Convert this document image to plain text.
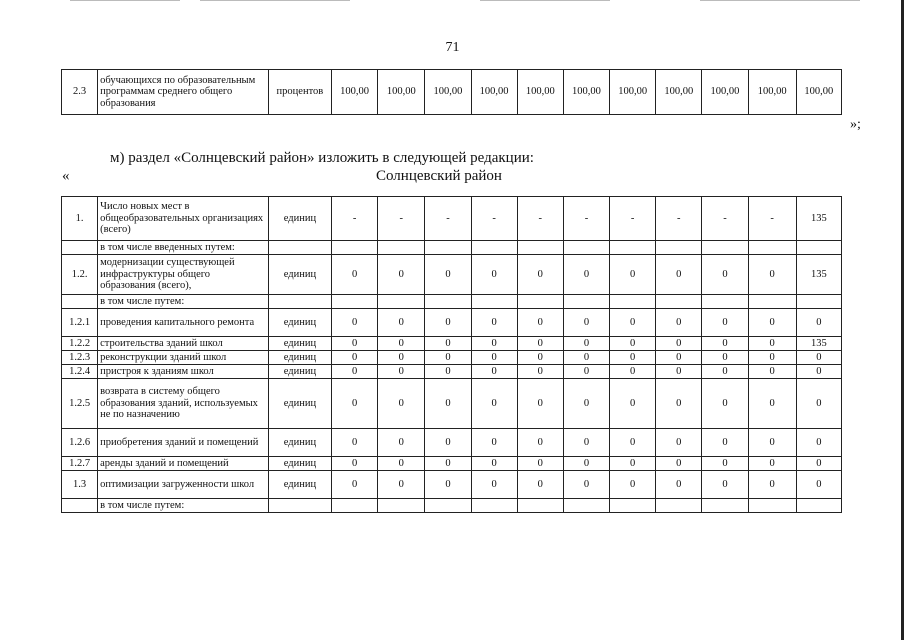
71
2.3	обучающихся по образовательным программам среднего общего образования	процентов	100,00	100,00	100,00	100,00	100,00	100,00	100,00	100,00	100,00	100,00	100,00
»;
м) раздел «Солнцевский район» изложить в следующей редакции:
«	Солнцевский район
1.	Число новых мест в общеобразовательных организациях (всего)	единиц	-	-	-	-	-	-	-	-	-	-	135
	в том числе введенных путем:												
1.2.	модернизации существующей инфраструктуры общего образования (всего),	единиц	0	0	0	0	0	0	0	0	0	0	135
	в том числе путем:												
1.2.1	проведения капитального ремонта	единиц	0	0	0	0	0	0	0	0	0	0	0
1.2.2	строительства зданий школ	единиц	0	0	0	0	0	0	0	0	0	0	135
1.2.3	реконструкции зданий школ	единиц	0	0	0	0	0	0	0	0	0	0	0
1.2.4	пристроя к зданиям школ	единиц	0	0	0	0	0	0	0	0	0	0	0
1.2.5	возврата в систему общего образования зданий, используемых не по назначению	единиц	0	0	0	0	0	0	0	0	0	0	0
1.2.6	приобретения зданий и помещений	единиц	0	0	0	0	0	0	0	0	0	0	0
1.2.7	аренды зданий и помещений	единиц	0	0	0	0	0	0	0	0	0	0	0
1.3	оптимизации загруженности школ	единиц	0	0	0	0	0	0	0	0	0	0	0
	в том числе путем:												
